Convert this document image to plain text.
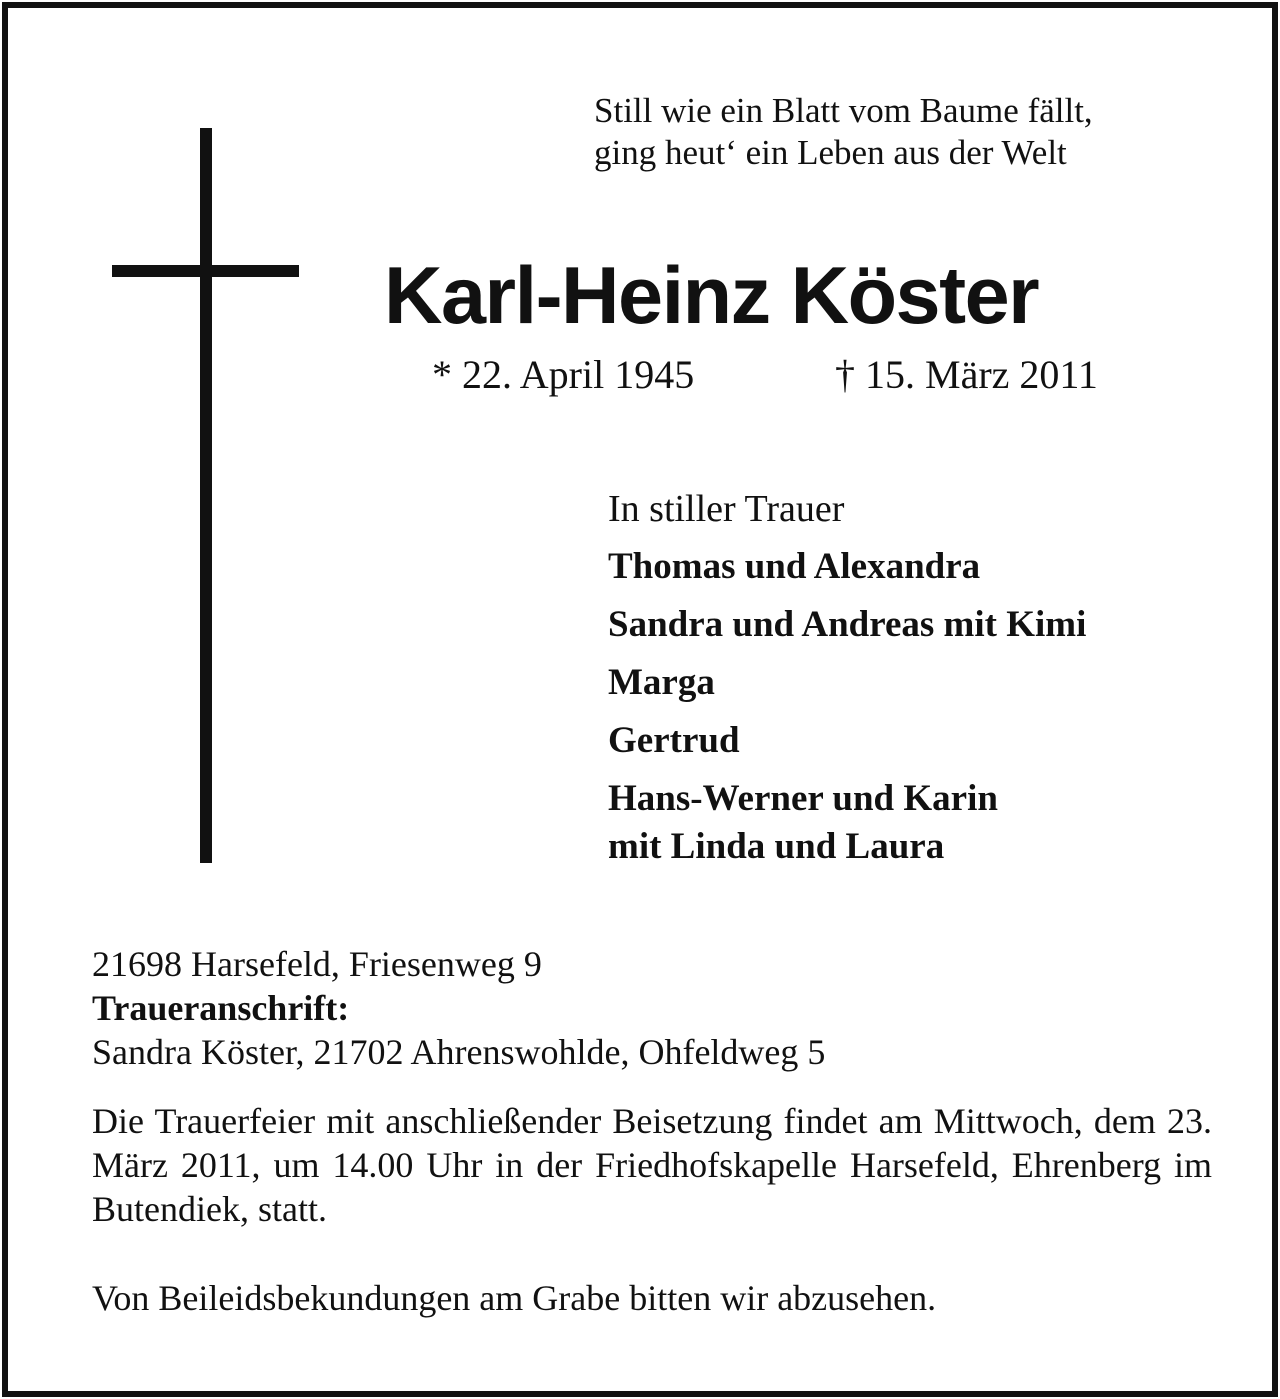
Still wie ein Blatt vom Baume fällt,
ging heut‘ ein Leben aus der Welt
Karl-Heinz Köster
* 22. April 1945	† 15. März 2011
In stiller Trauer
Thomas und Alexandra
Sandra und Andreas mit Kimi
Marga
Gertrud
Hans-Werner und Karin
mit Linda und Laura
21698 Harsefeld, Friesenweg 9
Traueranschrift:
Sandra Köster, 21702 Ahrenswohlde, Ohfeldweg 5
Die Trauerfeier mit anschließender Beisetzung findet am Mittwoch, dem 23. März 2011, um 14.00 Uhr in der Friedhofskapelle Harsefeld, Ehrenberg im Butendiek, statt.
Von Beileidsbekundungen am Grabe bitten wir abzusehen.
